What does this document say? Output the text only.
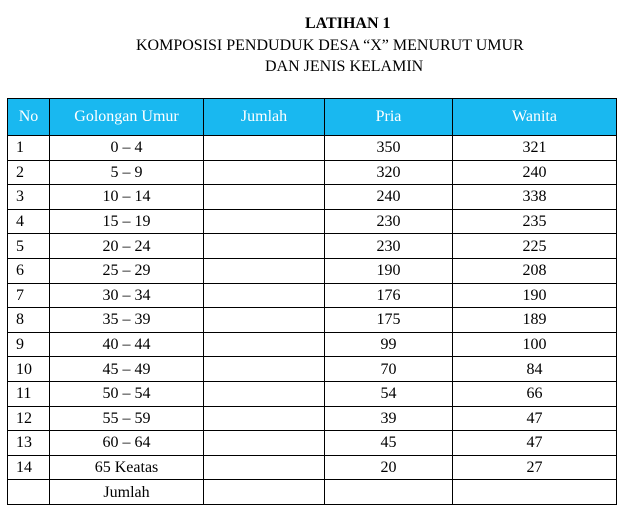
LATIHAN 1
KOMPOSISI PENDUDUK DESA “X” MENURUT UMUR
DAN JENIS KELAMIN
No	Golongan Umur	Jumlah	Pria	Wanita
1	0 – 4		350	321
2	5 – 9		320	240
3	10 – 14		240	338
4	15 – 19		230	235
5	20 – 24		230	225
6	25 – 29		190	208
7	30 – 34		176	190
8	35 – 39		175	189
9	40 – 44		99	100
10	45 – 49		70	84
11	50 – 54		54	66
12	55 – 59		39	47
13	60 – 64		45	47
14	65 Keatas		20	27
	Jumlah			
